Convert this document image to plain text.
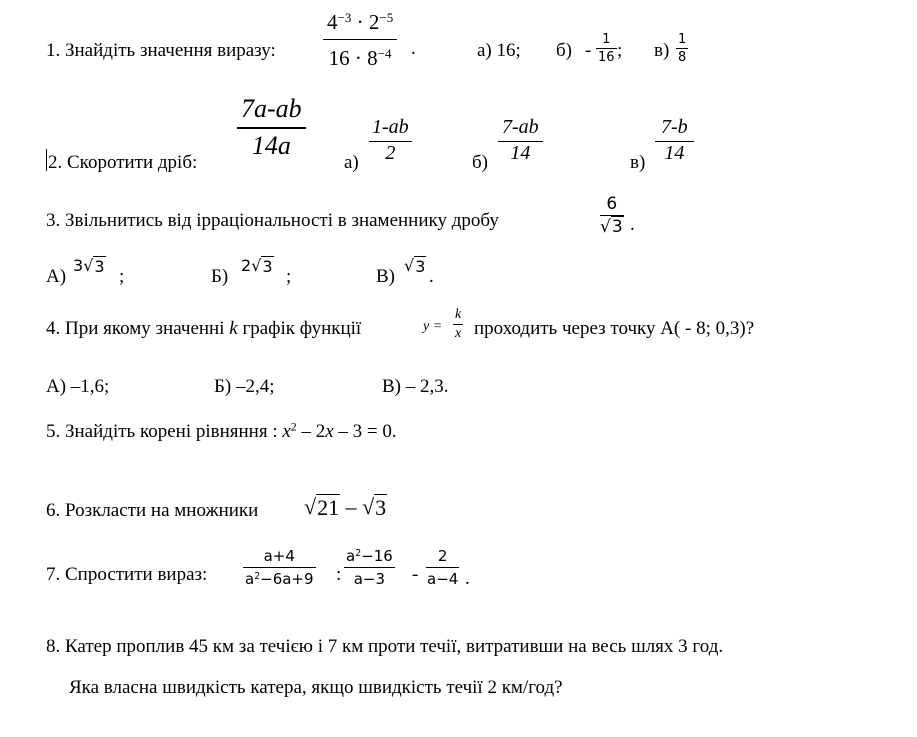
1. Знайдіть значення виразу:
$4^{-3} \cdot 2^{-5}$
$16 \cdot 8^{-4}$ .	а) 16; б) -
1
16 ; в)
1
8
2. Скоротити дріб:
7a-ab
14a
а)
1-ab
2	б)
7-ab
14	в)
7-b
14
3. Звільнитись від ірраціональності в знаменнику дробу
6
√3 .
А)
3 √ 3 ;	Б)
2 √ 3 ;	В)
√ 3 .
4. При якому значенні k графік функції	y =
k
x проходить через точку А( - 8; 0,3)?
А) –1,6;	Б) –2,4;	В) – 2,3.
5. Знайдіть корені рівняння : $x^2 - 2x - 3 = 0$.
6. Розкласти на множники √ 21 – √ 3
7. Спростити вираз:
a+4
$a^2-6a+9$ :
$a^2-16$
a−3 -
2
a−4 .
8. Катер проплив 45 км за течією і 7 км проти течії, витративши на весь шлях 3 год.
Яка власна швидкість катера, якщо швидкість течії 2 км/год?
